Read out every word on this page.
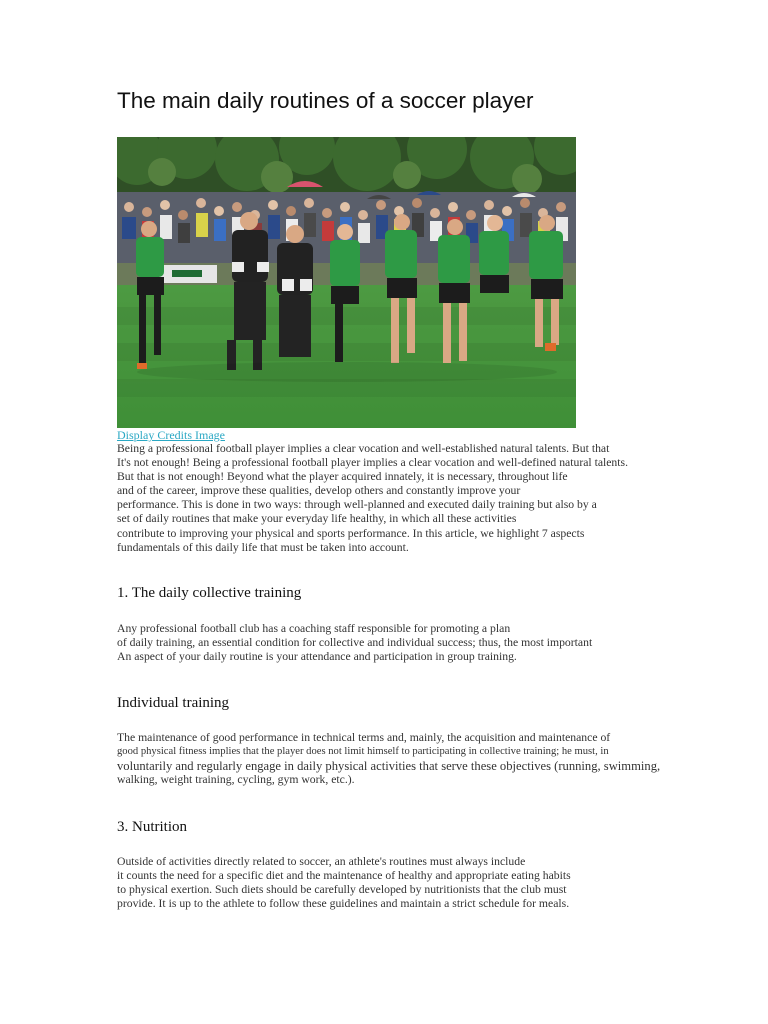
The main daily routines of a soccer player
Display Credits Image
Being a professional football player implies a clear vocation and well-established natural talents. But that
It's not enough! Being a professional football player implies a clear vocation and well-defined natural talents.
But that is not enough! Beyond what the player acquired innately, it is necessary, throughout life
and of the career, improve these qualities, develop others and constantly improve your
performance. This is done in two ways: through well-planned and executed daily training but also by a
set of daily routines that make your everyday life healthy, in which all these activities
contribute to improving your physical and sports performance. In this article, we highlight 7 aspects
fundamentals of this daily life that must be taken into account.
1. The daily collective training
Any professional football club has a coaching staff responsible for promoting a plan
of daily training, an essential condition for collective and individual success; thus, the most important
An aspect of your daily routine is your attendance and participation in group training.
Individual training
The maintenance of good performance in technical terms and, mainly, the acquisition and maintenance of
good physical fitness implies that the player does not limit himself to participating in collective training; he must, in
voluntarily and regularly engage in daily physical activities that serve these objectives (running, swimming,
walking, weight training, cycling, gym work, etc.).
3. Nutrition
Outside of activities directly related to soccer, an athlete's routines must always include
it counts the need for a specific diet and the maintenance of healthy and appropriate eating habits
to physical exertion. Such diets should be carefully developed by nutritionists that the club must
provide. It is up to the athlete to follow these guidelines and maintain a strict schedule for meals.
